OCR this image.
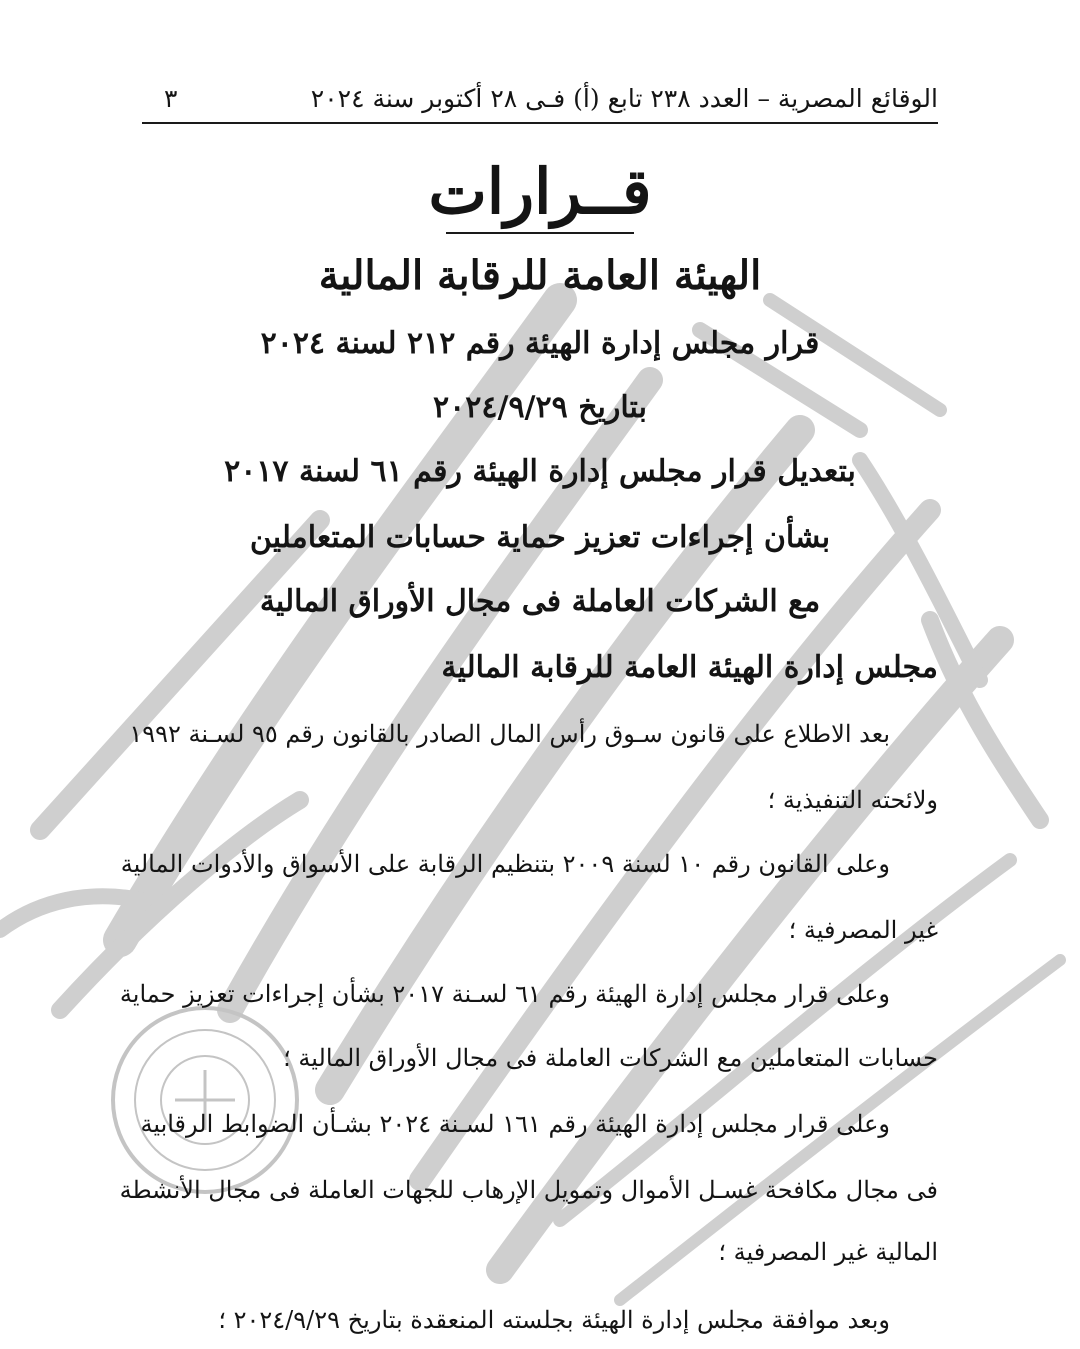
الوقائع المصرية – العدد ٢٣٨ تابع (أ) فـى ٢٨ أكتوبر سنة ٢٠٢٤
٣
قــرارات
الهيئة العامة للرقابة المالية
قرار مجلس إدارة الهيئة رقم ٢١٢ لسنة ٢٠٢٤
بتاريخ ٢٠٢٤/٩/٢٩
بتعديل قرار مجلس إدارة الهيئة رقم ٦١ لسنة ٢٠١٧
بشأن إجراءات تعزيز حماية حسابات المتعاملين
مع الشركات العاملة فى مجال الأوراق المالية
مجلس إدارة الهيئة العامة للرقابة المالية
بعد الاطلاع على قانون سـوق رأس المال الصادر بالقانون رقم ٩٥ لسـنة ١٩٩٢
ولائحته التنفيذية ؛
وعلى القانون رقم ١٠ لسنة ٢٠٠٩ بتنظيم الرقابة على الأسواق والأدوات المالية
غير المصرفية ؛
وعلى قرار مجلس إدارة الهيئة رقم ٦١ لسـنة ٢٠١٧ بشأن إجراءات تعزيز حماية
حسابات المتعاملين مع الشركات العاملة فى مجال الأوراق المالية ؛
وعلى قرار مجلس إدارة الهيئة رقم ١٦١ لسـنة ٢٠٢٤ بشـأن الضوابط الرقابية
فى مجال مكافحة غسـل الأموال وتمويل الإرهاب للجهات العاملة فى مجال الأنشطة
المالية غير المصرفية ؛
وبعد موافقة مجلس إدارة الهيئة بجلسته المنعقدة بتاريخ ٢٠٢٤/٩/٢٩ ؛
